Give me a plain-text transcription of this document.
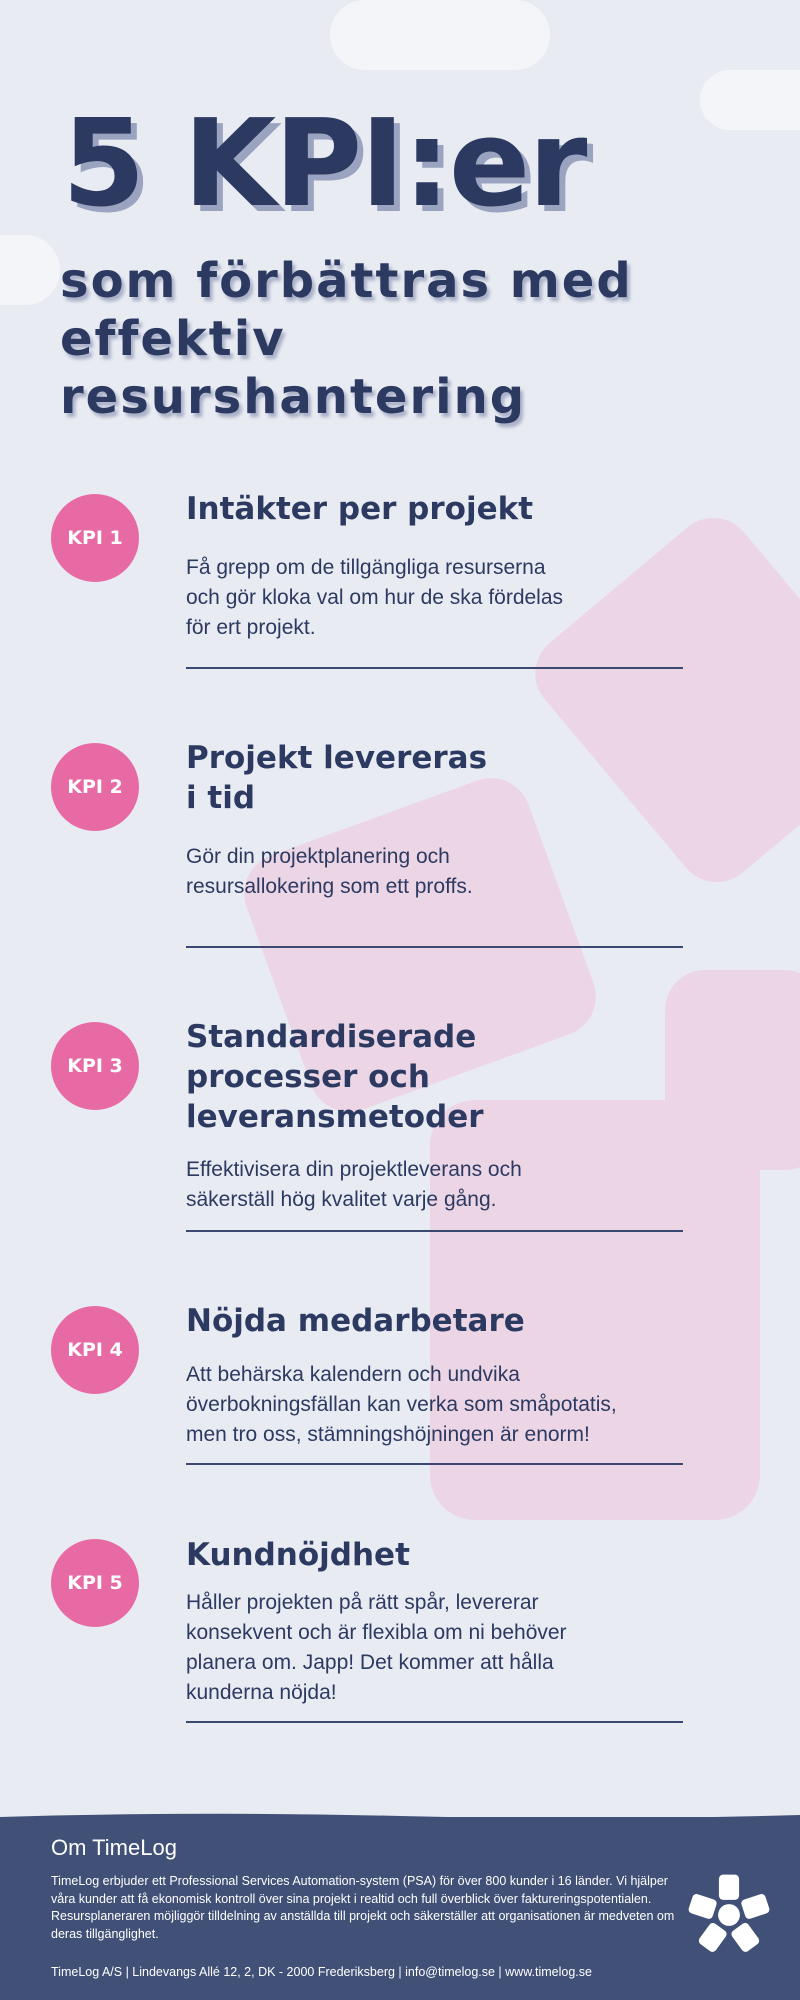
5 KPI:er
som förbättras med effektiv resurshantering
KPI 1
Intäkter per projekt

Få grepp om de tillgängliga resurserna och gör kloka val om hur de ska fördelas för ert projekt.

KPI 2
Projekt levereras i tid

Gör din projektplanering och resursallokering som ett proffs.

KPI 3
Standardiserade processer och leveransmetoder

Effektivisera din projektleverans och säkerställ hög kvalitet varje gång.

KPI 4
Nöjda medarbetare

Att behärska kalendern och undvika överbokningsfällan kan verka som småpotatis, men tro oss, stämningshöjningen är enorm!

KPI 5
Kundnöjdhet

Håller projekten på rätt spår, levererar konsekvent och är flexibla om ni behöver planera om. Japp! Det kommer att hålla kunderna nöjda!

Om TimeLog

TimeLog erbjuder ett Professional Services Automation-system (PSA) för över 800 kunder i 16 länder. Vi hjälper våra kunder att få ekonomisk kontroll över sina projekt i realtid och full överblick över faktureringspotentialen. Resursplaneraren möjliggör tilldelning av anställda till projekt och säkerställer att organisationen är medveten om deras tillgänglighet.

TimeLog A/S | Lindevangs Allé 12, 2, DK - 2000 Frederiksberg | info@timelog.se | www.timelog.se
